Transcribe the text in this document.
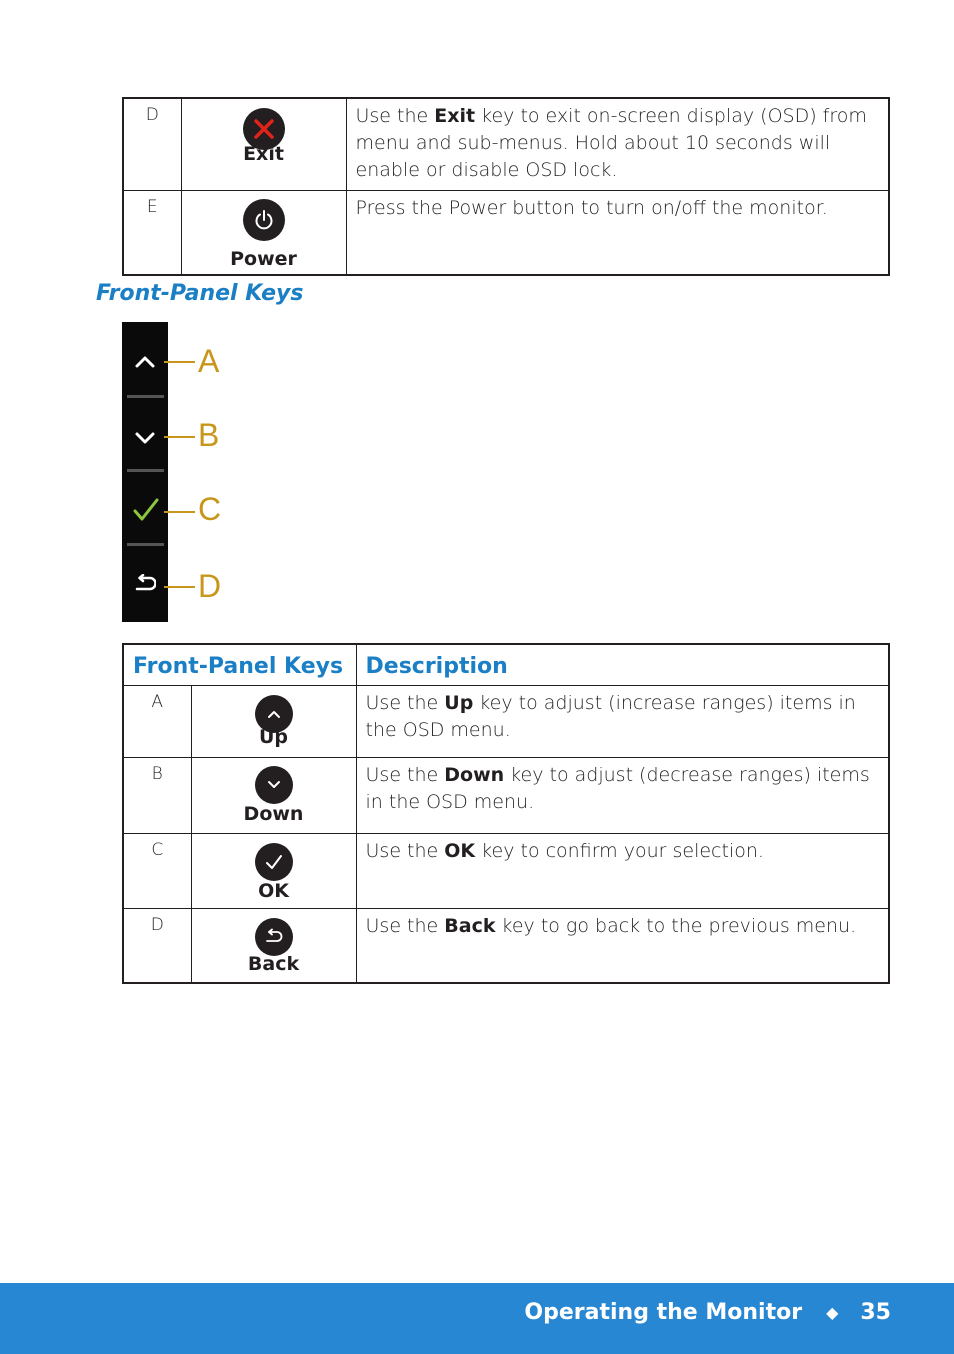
D	Exit	Use the Exit key to exit on-screen display (OSD) from menu and sub-menus. Hold about 10 seconds will enable or disable OSD lock.
E	Power	Press the Power button to turn on/off the monitor.
Front-Panel Keys
A
B
C
D
Front-Panel Keys		Description
A	Up	Use the Up key to adjust (increase ranges) items in the OSD menu.
B	Down	Use the Down key to adjust (decrease ranges) items in the OSD menu.
C	OK	Use the OK key to confirm your selection.
D	Back	Use the Back key to go back to the previous menu.
Operating the Monitor ◆ 35
